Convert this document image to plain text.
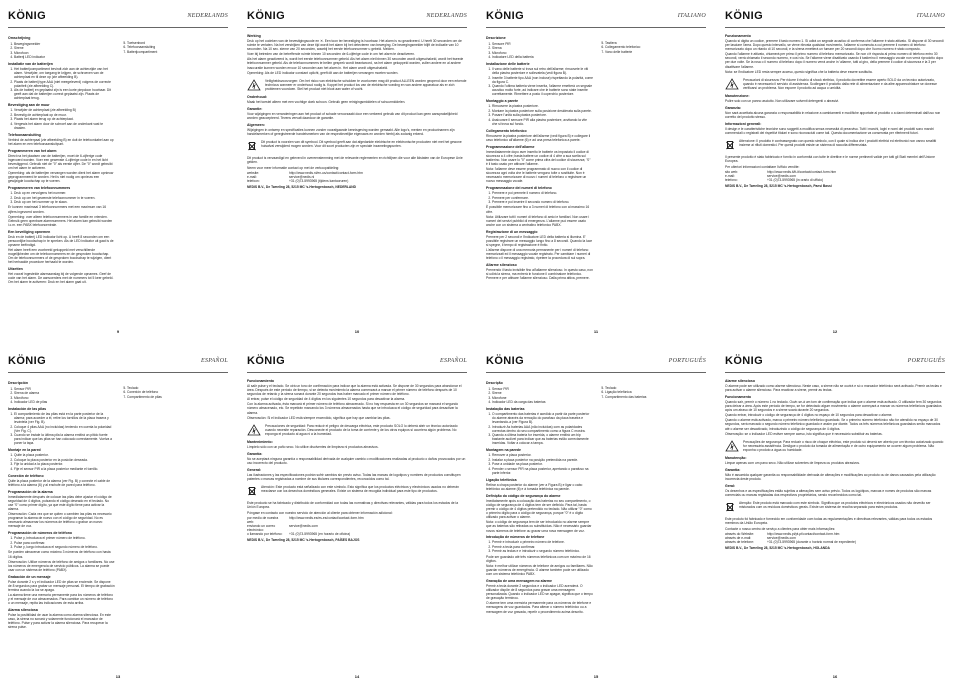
KÖNIG	NEDERLANDS
Omschrijving
1. Bewegingsmelder
2. Sirene
3. Microfoon
4. Batterij LED indicator
Installatie van de batterijen
1. Het batterijcompartiment bevindt zich aan de achterzijde van het alarm. Verwijder, om toegang te krijgen, de schroeven van de achterplaat en til deze op (zie afbeelding B).
2. Plaats de batterij type AAA (niet meegeleverd) volgens de correcte polariteit (zie afbeelding C).
3. Als de batterij en geplaatst zijn is een korte piepdoon hoorbaar. Dit geeft aan dat de batterijen correct geplaatst zijn. Plaats de achterplaat terug.
Bevestiging aan de muur
1. Verwijder de achterplaat (zie afbeelding B)
2. Bevestig de achterplaat op de muur.
3. Plaats het alarm terug op de achterplaat.
4. Vergewis het alarm door de schroef aan de onderkant vast te draaien.
Telefoonaansluiting

Verbind de achterpaal (zie afbeelding B) en duit de telefoonkabel aan op het alarm en een telefoonaansluitpunt.

Programmeren van het alarm

Direct na het plaatsen van de batterijen, moet de 6-cijferige code ingevoerd worden. Voer een gewenste 4-cijferige code in en het licht bevestiggend. Gebruik niet de "0" als eerste cijfer. De "0" wordt gebruikt om het alarm te activeren.

Opmerking: als de batterijen vervangen worden dient het alarm opnieuw geprogrammeerd te worden. Het is niet nodig om opnieuw een gewijzigde koodschap op te voeren.

Programmeren van telefoonnummers
1. Druk op en vervolgens het nummer.
2. Druk op om het gewenste telefoonnummer in te voeren.
3. Druk op om het nummer op te slaan.

Er kunnen maximaal 3 telefoonnummers met een maximum van 16 cijfers ingevoerd worden.

Opmerking: voer alleen telefoonnummers in van familie en vrienden. Gebruik geen openbare alarmnummers. Het alarm kan gebruikt worden i.c.m. een PABX telefooncentrale.

Een beveiliging opnemen

Druk en de batterij LED indicator licht op. U heeft 8 seconden om een persoonlijke boodschap in te spreken. Als de LED indicator uit gaat is de opname beëindigd.

Het alarm heeft een voorbeeld gekoppeld met verschillende mogelijkheden om de telefoonnummers en de gesproken boodschap. Om de telefoonnummers of de gesproken boodschap te wijzigen, dient het herhaalde procedure herhaald te worden.

Uitzetten

Het vooraf ingestelde alarmaanslag bij de volgende opnames. Geef de code van het alarm. De aanvoerders met de nummers tot 5 keer gebeld. Om het alarm te activeren: Druk en het alarm gaat uit.

5. Toetsenbord
6. Telefoonaansluiting
7. Batterijcompartiment
9
KÖNIG	NEDERLANDS
Werking

Druk op het codeken van de bevestigingscode en ✕. Een toon ter bevestiging is hoorbaar. Het alarm is nu geactiveerd. U heeft 30 seconden om de ruimte te verlaten. Na het verstrijken van deze tijd wordt het alarm bij het detecteren van beweging. De bewegingsmelder blijft de indicatie van 10 seconden. Na 10 sec. sterne van 20 seconden, waarbij het eerste telefoonnummer u gebeld. Melden.

Voer bij betreden van de betreffende ruimte binnen 10 seconden de 6-cijferige code in om het alarm te deactiveren.

Als het alarm geactiveerd is, wordt het eerste telefoonnummer gebeld. Als het alarm niet binnen 30 seconden wordt uitgeschakeld, wordt het tweede telefoonnummer gebeld. Als de telefoonnummers te bellen gesprek wordt beantwoord, na het alarm gekoppeld worden, zullen andere en al andere inaccuratie kunnen worden ervoor 10 seconden aan het alarm in. Het alarm wordt uitgeschakeld.

Opmerking: Als de LED indicator constant oplicht, geeft dit aan de batterijen vervangen moeten worden.

Veiligheidsvoorzorgen: Om het risico van elektrische schokken te voorkomen mag dit product ALLEEN worden geopend door een erkende technicus wanneer er onderhoud nodig is. Koppel het product los van de elektrische voeding en van andere apparatuur als er zich problemen voordoen. Stel het product niet bloot aan water of vocht.
Onderhoud:

Maak het toestel alleen met een vochtige doek schoon. Gebruik geen reinigingsmiddelen of schuurmiddelen.

Garantie:

Voor wijzigingen en veranderingen aan het product of schade veroorzaakt door een verkeerd gebruik van dit product kan geen aansprakelijkheid worden geaccepteerd. Tevens vervalt daardoor de garantie.

Algemeen:

Wijzigingen in ontwerp en specificaties kunnen zonder voorafgaande kennisgeving worden gemaakt. Alle logo's, merken en productnamen zijn handelsmerken of geregistreerde handelsmerken van de respectievelijke eigenaars en worden hierbij als zodanig erkend.

Dit product is voorzien van dit symbool. Dit symbool geeft aan dat afgedankte elektrische en elektronische producten niet met het gewone huisafval verwijderd mogen worden. Voor dit soort producten zijn er speciale inzamelingspunten.

Dit product is vervaardigd en geleverd in overeenstemming met de relevante reglementen en richtlijnen die voor alle lidstaten van de Europese Unie gelden.

Neem voor meer informatie contact op met de verkoopafdeling:

website:	http://www.nedis.nl/en-us/contact/contact-form.htm
e-mail:	service@nedis.nl
telefoon:	+31 (0)73-5993965 (tijdens kantooruren)

NEDIS B.V., De Tweeling 28, 5215 MC 's-Hertogenbosch, NEDERLAND

10
KÖNIG	ITALIANO
Descrizione
1. Sensore PIR
2. Sirena
3. Microfono
4. Indicatore LED della batteria
Installazione delle batterie
1. Il vano delle batterie si trova sul retro dell'allarme; rimuovete le viti della piastra posteriore e sollevatela (vedi figura B).
2. Inserite 3 batterie tipo AAA (non incluse) rispettando la polarità, come da figura C.
3. Quando l'ultima batteria viene inserita, l'allarme emetterà un segnale acustico molto forte, ad indicare che le batterie sono state inserite correttamente. Rimettere a posto il coperchio posteriore.
Montaggio a parete
1. Rimuovere la piastra posteriore.
2. Montare la piastra posteriore sulla posizione desiderata sulla parete.
3. Posare l'unità sulla piastra posteriore.
4. Assicurare il sensore PIR alla piastra posteriore, avvitando la vite che si trova sul fondo.
Collegamento telefonico

Rimuovere la piastra posteriore dell'allarme (vedi figura B) e collegare il cavo telefonico all'allarme (6) e ad una presa telefonica a parete.

Programmazione dell'allarme

Immediatamente dopo aver inserito le batterie va impostato il codice di sicurezza a 4 cifre; basta battere un codice di 4 cifre a sua scelta sul tastierino. Non usare lo "0" come prima cifra del codice di sicurezza; "0" è il tasto usato per attivare l'allarme.

Nota: l'allarme deve essere programmato di nuovo con il codice di sicurezza ogni volta che le batterie vengono tolte o sostituite. Non è necessario memorizzare di nuovo i numeri di telefono o registrare un nuovo messaggio vocale.

Programmazione dei numeri di telefono
1. Premere e poi premete il numero di telefono.
2. Premere per confermare.
3. Premere e poi inserire il secondo numero di telefono.

È possibile memorizzare fino a 3 numeri di telefono con al massimo 16 cifre.

Nota: Utilizzare tutti i numeri di telefono di amici e familiari. Non usare i numeri dei servizi pubblici di emergenza. L'allarme può essere usato anche con un sistema a centralino telefonico PABX.

Registrazione di un messaggio

Premere per 2 secondi e l'indicatore LED della batteria si illumina. E' possibile registrare un messaggio lungo fino a 8 secondi. Quando la luce si spegne, il tempo di registrazione è finito.

L'allarme dispone di una memoria permanente per i numeri di telefono memorizzati ed il messaggio vocale registrato. Per cambiare i numeri di telefono o il messaggio registrato, ripetere la procedura di sul sopra.

Allarme silenzioso

Premendo il tasto invisibile fino all'allarme silenzioso. In questo caso, non si udirà la sirena, ma entrerà in funzione il combinatore telefonico. Premere e per attivare l'allarme silenzioso. Dalla prima attiva, premere.

5. Tastiera
6. Collegamento telefonico
7. Vano delle batterie
11
KÖNIG	ITALIANO
Funzionamento

Quando si digita un codice, premere il tasto numero 1. Si udirà un segnale acustico di conferma che l'allarme è stato attivato. Si dispone di 30 secondi per lasciare l'area. Dopo questo intervallo, se viene rilevata qualsiasi movimento, l'allarme si commuta a cui premere il numero di telefono memorizzato dopo un ritardo di 10 secondi, e la sirena emetterà un fumare per 20 secondi dopo che l'uomo numero è stato composto.

Quando l'allarme è attivato, chiamerà per primo il primo numero di telefono memorizzato. Se non c'è risposta al primo numero di telefono entro 30 secondi, verrà chiamato il secondo numero, e così via. Se l'allarme viene disattivato usando il tastierino il messaggio vocale non verrà riprodotto dopo per due volte. Se la rosa o il numero di telefono dopo il numero verrà anche in 'allarme, tutti al giro, della premere il codice di sicurezza e la 3 per disattivare l'allarme.

Nota: se l'indicatore LED resta sempre acceso, questo significa che la batteria deve essere sostituita.

Precauzioni di sicurezza: Per ridurre il rischio di shock elettrico, il prodotto dovrebbe essere aperto SOLO da un tecnico autorizzato, quando è necessario il servizio di assistenza. Scollegare il prodotto dalla rete di alimentazione e da altre apparecchiature se dovesse verificarsi un problema. Non esporre il prodotto ad acqua o umidità.
Manutenzione:

Pulire solo con un panno asciutto. Non utilizzare solventi detergenti o abrasivi.

Garanzia:

Non sarà accettata alcuna garanzia o responsabilità in relazione a cambiamenti e modifiche apportate al prodotto o a danni determinati dall'uso non corretto del prodotto stesso.

Informazioni generali:

Il design e le caratteristiche tecniche sono soggetti a modifica senza necessità di preavviso. Tutti i marchi, loghi e nomi dei prodotti sono marchi commerciali o registrati dei rispettivi titolari e sono riconosciuti come tali. Questa documentazione va conservata per riferimenti futuri.

Attenzione: Il prodotto è contrassegnato con questo simbolo, con il quale si indica che i prodotti elettrici ed elettronici non vanno smaltiti insieme ai rifiuti domestici. Per questi prodotti esiste un sistema di raccolta differenziata.

Il presente prodotto è stato fabbricato e fornito in conformità con tutte le direttive e le norme pertinenti valide per tutti gli Stati membri dell'Unione Europea.

Per ulteriori informazioni contattare l'ufficio vendite:

sito web:	http://www.nedis.it/it-it/contact/contact-form.htm
e-mail:	service@nedis.com
telefono:	+31 (0)73-5993965 (in orario di ufficio)

NEDIS B.V., De Tweeling 28, 5215 MC 's-Hertogenbosch, Paesi Bassi

12
KÖNIG	ESPAÑOL
Descripción
1. Sensor PIR
2. Sirena de alarma
3. Micrófono
4. Indicador LED de pilas
Instalación de las pilas
1. El compartimiento de las pilas está en la parte posterior de la alarma; para acceder a él, retire los tornillos de la placa trasera y levántela (ver Fig. B).
2. Coloque 4 pilas AAA (no incluidas) teniendo en cuenta la polaridad (Ver Fig. C).
3. Cuando se instale la última pila la alarma emitirá un pitido fuerte para indicar que las pilas se han colocado correctamente. Vuelva a poner la tapa.
Montaje en la pared
1. Quite la placa posterior.
2. Coloque la placa posterior en la posición deseada.
3. Fije la unidad a la placa posterior.
4. Fije el sensor PIR a la placa posterior mediante el tornillo.
Conexión de teléfono

Quite la placa posterior de la alarma (ver Fig. B) y conecte el cable de teléfono a la alarma (6) y al enchufe de pared para teléfono.

Programación de la alarma

Inmediatamente después de colocar las pilas debe ajustar el código de seguridad de 4 dígitos, pulsando el código deseado en el teclado. No use "0" como primer dígito, ya que este dígito tiene para activar la alarma.

Observación: Cada vez que se quiten o cambien las pilas es necesario programar la alarma de nuevo con el código de seguridad. No es necesario almacenar los números de teléfono o grabar un nuevo mensaje de voz.

Programación de números de teléfono
1. Pulse y, introduzca el primer número de teléfono.
2. Pulse para confirmar.
3. Pulse y, luego introduzca el segundo número de teléfono.

Se pueden almacenar como máximo 3 números de teléfono con hasta 16 dígitos.

Observación: Utilice números de teléfono de amigos o familiares. No use los números de emergencia de servicio públicos. La alarma se puede usar con un sistema de teléfono (PABX).

Grabación de un mensaje

Pulse durante 2 s y el indicador LED de pilas se enciende. Se dispone de 8 segundos para grabar un mensaje personal. El tiempo de grabación termina cuando la luz se apaga.

La alarma tiene una memoria permanente para los números de teléfono y el mensaje de voz almacenados. Para cambiar un número de teléfono o un mensaje, repita las indicaciones de esta arriba.

Alarma silenciosa

Pulse la posibilidad de usar la alarma como alarma silenciosa. En este caso, la sirena no sonará y solamente funcionará el marcador de teléfono. Pulse y para activar la alarma silenciosa. Para recuperar la sirena pulse.

5. Teclado
6. Conexión de teléfono
7. Compartimento de pilas
13
KÖNIG	ESPAÑOL
Funcionamiento

Al salir pulse y el teclado. Se oirá un tono de confirmación para indicar que la alarma está activada. Se dispone de 30 segundos para abandonar el área. Después de este periodo de tiempo, si se detecta movimiento la alarma comenzará a marcar el primer número de teléfono después de 10 segundos de retardo y la sirena sonará durante 20 segundos tras haber marcado el primer número de teléfono.

Al entrar, pulse el código de seguridad de 4 dígitos en los siguientes 10 segundos para desactivar la alarma.

Con la alarma activada, ésta marcará el primer número de teléfono almacenado. Si no hay respuesta en un 30 segundos se marcará el segundo número almacenado, etc. Se repetirán marcando los 3 números almacenados hasta que se introduzca el código de seguridad para desactivar la alarma.

Observación: Si el indicador LED está siempre encendido, significa que hay que cambiar las pilas.

Precauciones de seguridad: Para reducir el peligro de descarga eléctrica, este producto SOLO lo deberá abrir un técnico autorizado cuando necesite reparación. Desconecte el producto de la toma de corriente y de los otros equipos si ocurriera algún problema. No exponga el producto al agua ni a la humedad.
Mantenimiento:

Límpielo sólo con un paño seco. No utilice disolventes de limpieza ni productos abrasivos.

Garantía:

No se aceptará ninguna garantía o responsabilidad derivada de cualquier cambio o modificaciones realizadas al producto o daños provocados por un uso incorrecto del producto.

General:

Las ilustraciones y las especificaciones podrán sufrir cambios sin previo aviso. Todas las marcas de logotipos y nombres de productos constituyen patentes o marcas registradas a nombre de sus titulares correspondientes, reconocidos como tal.

Atención: Este producto está señalizado con este símbolo. Esto significa que los productos eléctricos y electrónicos usados no deberán mezclarse con los desechos domésticos generales. Existe un sistema de recogida individual para este tipo de productos.

Este producto se ha fabricado y distribuido de conformidad con todas las normativas y directivas relevantes, válidas para todos los estados de la Unión Europea.

Póngase en contacto con nuestro servicio de atención al cliente para obtener información adicional:

por medio de nuestra web:
http://www.nedis.es/es-es/contact/contact-form.htm
enviando un correo electrónico:
service@nedis.com
o llamando por teléfono:	+31 (0)73-5993965 (en horario de oficina)

NEDIS B.V., De Tweeling 28, 5215 MC 's-Hertogenbosch, PAÍSES BAJOS

14
KÖNIG	PORTUGUÊS
Descrição
1. Sensor PIR
2. Sirene
3. Microfone
4. Indicador LED da carga das baterias
Instalação das baterias
1. O compartimento das baterias é acedido a partir da parte posterior do alarme através da remoção do parafuso da placa traseira e levantando-a (ver Figura B).
2. Introduzir As baterias AAA (não incluídas) com as polaridades correctas dentro do seu compartimento como a figura C mostra.
3. Quando a última bateria for inserida, o alarme emitirá um bip bastante audível para indicar que as baterias estão correctamente inseridas. Voltar a colocar a tampa.
Montagem na parede
1. Remover a placa posterior.
2. Instalar a placa posterior na posição pretendida na parede.
3. Pose a unidade na placa posterior.
4. Prender o sensor PIR na placa posterior, apertando o parafuso na parte inferior.
Ligação telefónica

Retirar a chapa posterior do alarme (ver a Figura B) e ligar o cabo telefónico ao alarme (6) e à tomada telefónica na parede.

Definição do código de segurança do alarme

Imediatamente após a colocação das baterias no seu compartimento, o código de segurança de 4 dígitos tem de ser definido. Para tal, basta premir o código de 4 dígitos pretendido no teclado. Não utilizar "0" como o primeiro dígito para o código de segurança, porque "0" é o dígito utilizado para activar o alarme.

Nota: o código de segurança tem de ser introduzido no alarme sempre que as baterias são retiradas ou substituídas. Não é necessário guardar novos números de telefone ou gravar uma nova mensagem de voz.

Introdução de números de telefone
1. Premir e introduzir o primeiro número de telefone.
2. Premir a tecla para confirmar.
3. Premir as teclas e e introduzir o segundo número telefónico.

Pode ser guardado até três números telefónicos com um máximo de 16 dígitos.

Nota: é melhor utilizar números de telefone de amigos ou familiares. Não guardar números de emergência. O alarme também pode ser utilizado com um sistema telefónico PABX.

Gravação de uma mensagem no alarme

Premir a tecla durante 2 segundos e o indicador LED acenderá. O utilizador dispõe de 8 segundos para gravar uma mensagem personalizada. Quando o indicador LED se apagar, significa que o tempo de gravação terminou.

O alarme tem uma memória permanente para os números de telefone e mensagens de voz guardados. Para alterar o número telefónico ou a mensagem de voz gravada, repetir o procedimento acima descrito.

5. Teclado
6. Ligação telefónica
7. Compartimento das baterias
15
KÖNIG	PORTUGUÊS
Alarme silencioso

O alarme pode ser utilizado como alarme silencioso. Neste caso, a sirene não se ouvirá e só o marcador telefónico será activado. Premir as teclas e para activar o alarme silencioso. Para reactivar a sirene, premir as teclas.

Funcionamento

Quando sair, premir o número 1 no teclado. Ouvir-se-á um tom de confirmação que indica que o alarme está activado. O utilizador tem 30 segundos para deixar a área. Após este período de tempo, se for detectado algum movimento o alarme começará a marcar os números telefónicos guardados após um atraso de 10 segundos e a sirene soará durante 20 segundos.

Quando entrar, introduzir o código de segurança de 4 dígitos no espaço de 10 segundos para desactivar o alarme.

Quando o alarme está activado, marca o primeiro número telefónico guardado. Se o primeiro número telefónico não for atendido no espaço de 30 segundos, será marcado o segundo número telefónico guardado e assim por diante. Todos os três números telefónicos guardados serão marcados até o alarme ser desactivado, introduzindo o código de segurança de 4 dígitos.

Observação: se o indicador LED estiver sempre aceso, isto significa que é necessário substituir as baterias.

Precauções de segurança: Para reduzir o risco de choque eléctrico, este produto só deverá ser aberto por um técnico autorizado quando for necessária assistência. Desligue o produto da tomada de alimentação e de outro equipamento se ocorrer algum problema. Não exponha o produto a água ou humidade.
Manutenção:

Limpar apenas com um pano seco. Não utilizar solventes de limpeza ou produtos abrasivos.

Garantia:

Não é assumida qualquer garantia ou responsabilidade derivada de alterações e modificações ao produto ou de danos causados pela utilização incorrecta deste produto.

Geral:

Os desenhos e as especificações estão sujeitos a alterações sem aviso prévio. Todos os logótipos, marcas e nomes de produtos são marcas comerciais ou marcas registadas dos respectivos proprietários, sendo reconhecidos como tal.

Atenção: Este produto está marcado com este símbolo. Significa que os produtos eléctricos e electrónicos usados não deverão ser misturados com os resíduos domésticos gerais. Existe um sistema de recolha separado para estes produtos.

Este produto foi fabricado e fornecido em conformidade com todas as regulamentações e directivas relevantes, válidas para todos os estados membros da União Europeia.

Contacte o nosso centro de serviço a clientes para obter mais informações:

através do Website:	http://www.nedis.pt/pt-pt/contact/contact-form.htm
através de e-mail:	service@nedis.com
através de telefone:	+31 (0)73-5993965 (durante o horário normal de expediente)

NEDIS B.V., De Tweeling 28, 5215 MC 's-Hertogenbosch, HOLANDA

16
